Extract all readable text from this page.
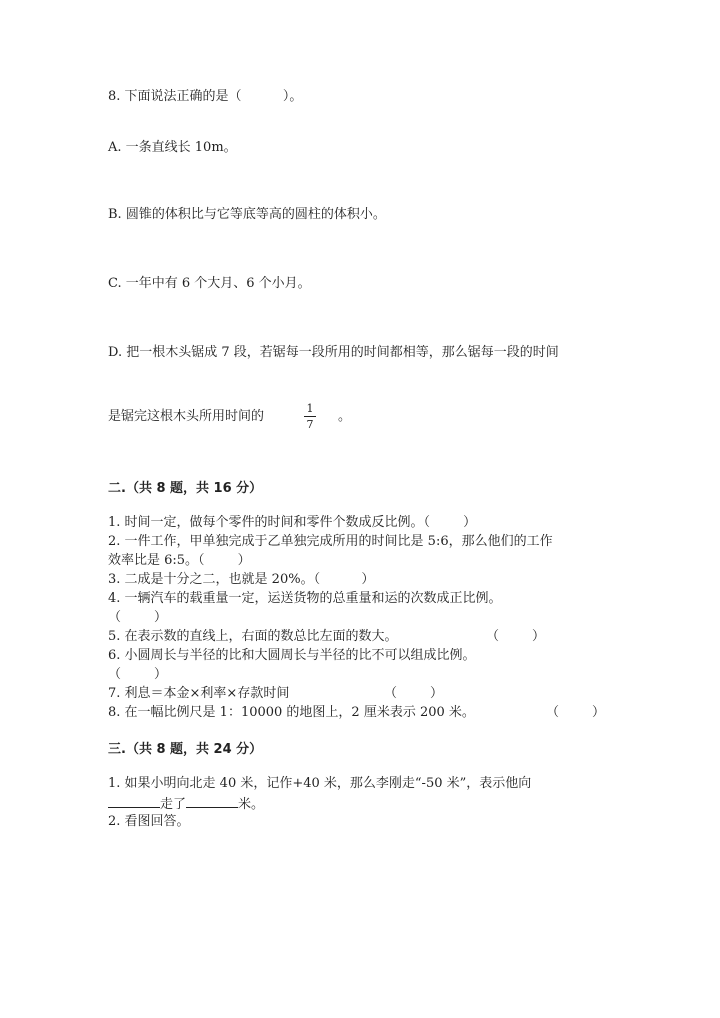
8. 下面说法正确的是（          ）。
A. 一条直线长 10m。
B. 圆锥的体积比与它等底等高的圆柱的体积小。
C. 一年中有 6 个大月、6 个小月。
D. 把一根木头锯成 7 段，若锯每一段所用的时间都相等，那么锯每一段的时间
是锯完这根木头所用时间的
1
7
。
二.（共 8 题，共 16 分）
1. 时间一定，做每个零件的时间和零件个数成反比例。（        ）
2. 一件工作，甲单独完成于乙单独完成所用的时间比是 5:6，那么他们的工作
效率比是 6:5。（        ）
3. 二成是十分之二，也就是 20%。（          ）
4. 一辆汽车的载重量一定，运送货物的总重量和运的次数成正比例。
（        ）
5. 在表示数的直线上，右面的数总比左面的数大。	（        ）
6. 小圆周长与半径的比和大圆周长与半径的比不可以组成比例。
（        ）
7. 利息＝本金×利率×存款时间	（        ）
8. 在一幅比例尺是 1：10000 的地图上，2 厘米表示 200 米。	（        ）
三.（共 8 题，共 24 分）
1. 如果小明向北走 40 米，记作+40 米，那么李刚走“-50 米”，表示他向
走了	米。
2. 看图回答。
